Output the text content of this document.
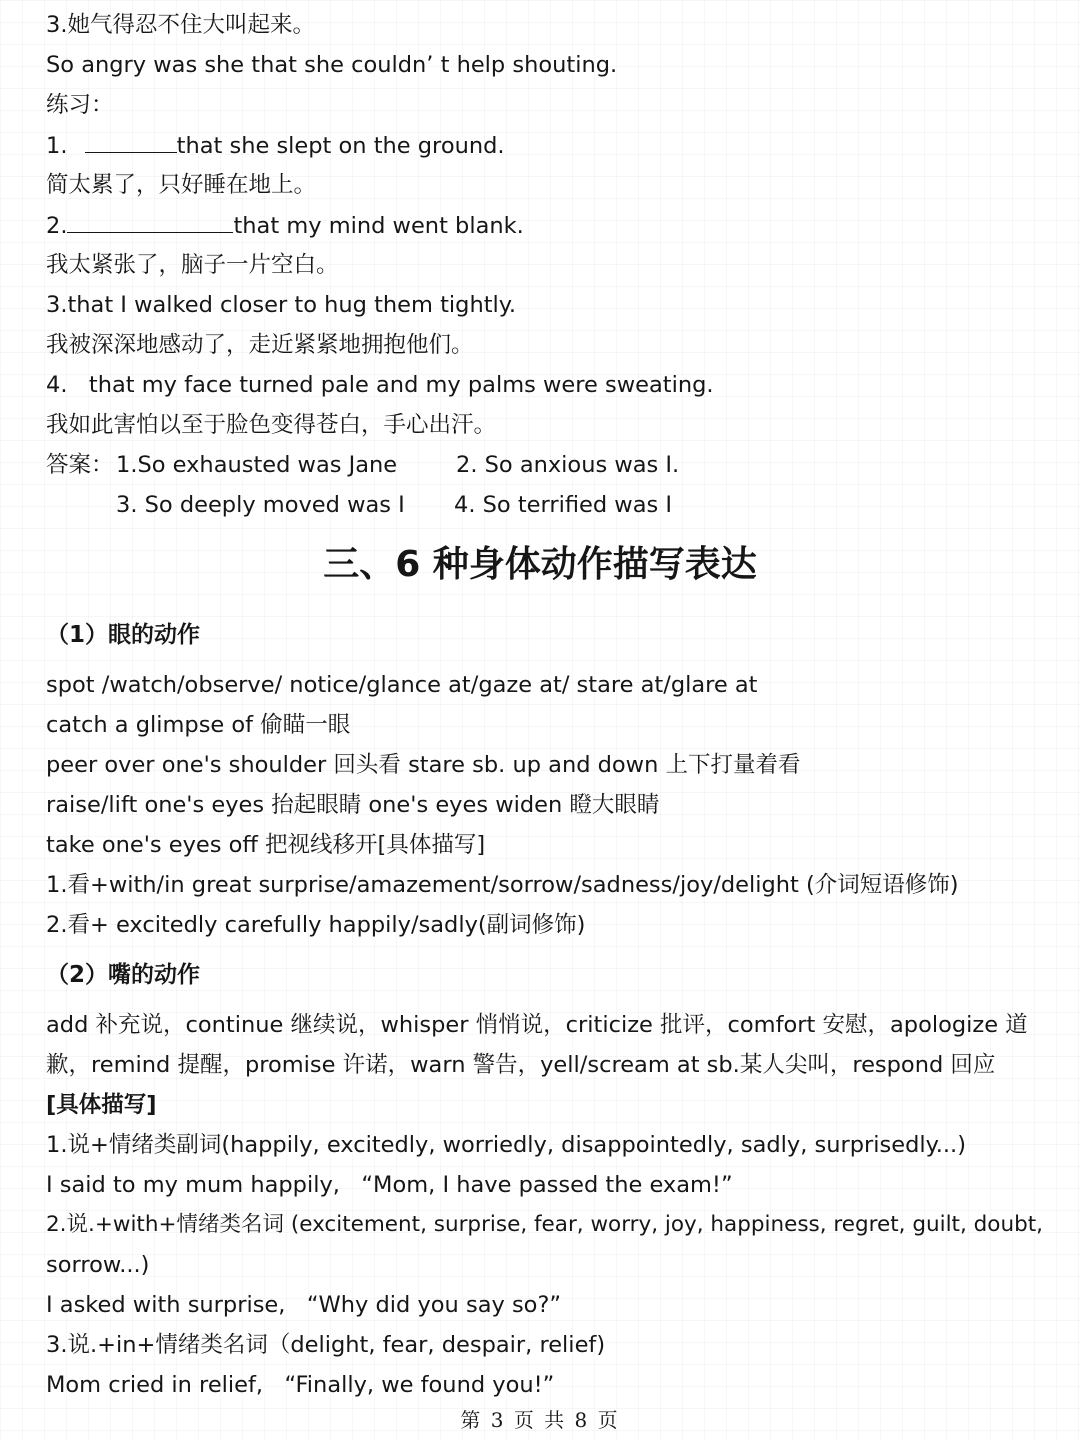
3.她气得忍不住大叫起来。
So angry was she that she couldn’ t help shouting.
练习：
1.	that she slept on the ground.
简太累了，只好睡在地上。
2.	that my mind went blank.
我太紧张了，脑子一片空白。
3.that I walked closer to hug them tightly.
我被深深地感动了，走近紧紧地拥抱他们。
4.   that my face turned pale and my palms were sweating.
我如此害怕以至于脸色变得苍白，手心出汗。
答案： 1.So exhausted was Jane	2. So anxious was I.
3. So deeply moved was I 4. So terrified was I
三、6 种身体动作描写表达
（1）眼的动作
spot /watch/observe/ notice/glance at/gaze at/ stare at/glare at
catch a glimpse of 偷瞄一眼
peer over one's shoulder 回头看 stare sb. up and down 上下打量着看
raise/lift one's eyes 抬起眼睛 one's eyes widen 瞪大眼睛
take one's eyes off 把视线移开[具体描写]
1.看+with/in great surprise/amazement/sorrow/sadness/joy/delight (介词短语修饰)
2.看+ excitedly carefully happily/sadly(副词修饰)
（2）嘴的动作
add 补充说，continue 继续说，whisper 悄悄说，criticize 批评，comfort 安慰，apologize 道
歉，remind 提醒，promise 许诺，warn 警告，yell/scream at sb.某人尖叫，respond 回应
[具体描写]
1.说+情绪类副词(happily, excitedly, worriedly, disappointedly, sadly, surprisedly...)
I said to my mum happily,   “Mom, I have passed the exam!”
2.说.+with+情绪类名词 (excitement, surprise, fear, worry, joy, happiness, regret, guilt, doubt,
sorrow...)
I asked with surprise,   “Why did you say so?”
3.说.+in+情绪类名词（delight, fear, despair, relief)
Mom cried in relief,   “Finally, we found you!”
第 3 页 共 8 页
